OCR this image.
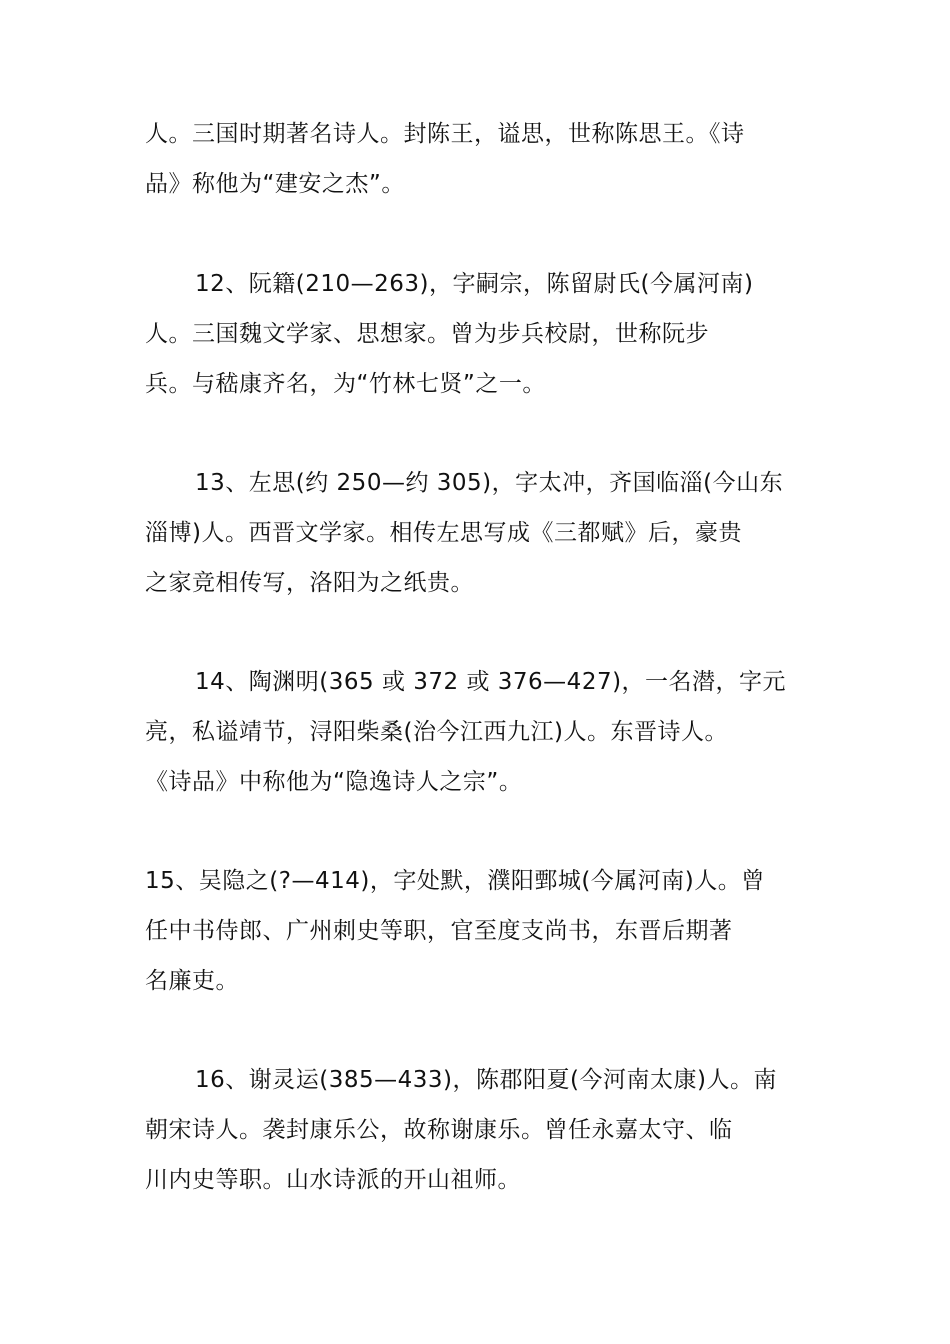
人。三国时期著名诗人。封陈王，谥思，世称陈思王。《诗
品》称他为“建安之杰”。

12、阮籍(210—263)，字嗣宗，陈留尉氏(今属河南)
人。三国魏文学家、思想家。曾为步兵校尉，世称阮步
兵。与嵇康齐名，为“竹林七贤”之一。

13、左思(约 250—约 305)，字太冲，齐国临淄(今山东
淄博)人。西晋文学家。相传左思写成《三都赋》后，豪贵
之家竞相传写，洛阳为之纸贵。

14、陶渊明(365 或 372 或 376—427)，一名潜，字元
亮，私谥靖节，浔阳柴桑(治今江西九江)人。东晋诗人。
《诗品》中称他为“隐逸诗人之宗”。

15、吴隐之(?—414)，字处默，濮阳鄄城(今属河南)人。曾
任中书侍郎、广州刺史等职，官至度支尚书，东晋后期著
名廉吏。

16、谢灵运(385—433)，陈郡阳夏(今河南太康)人。南
朝宋诗人。袭封康乐公，故称谢康乐。曾任永嘉太守、临
川内史等职。山水诗派的开山祖师。
